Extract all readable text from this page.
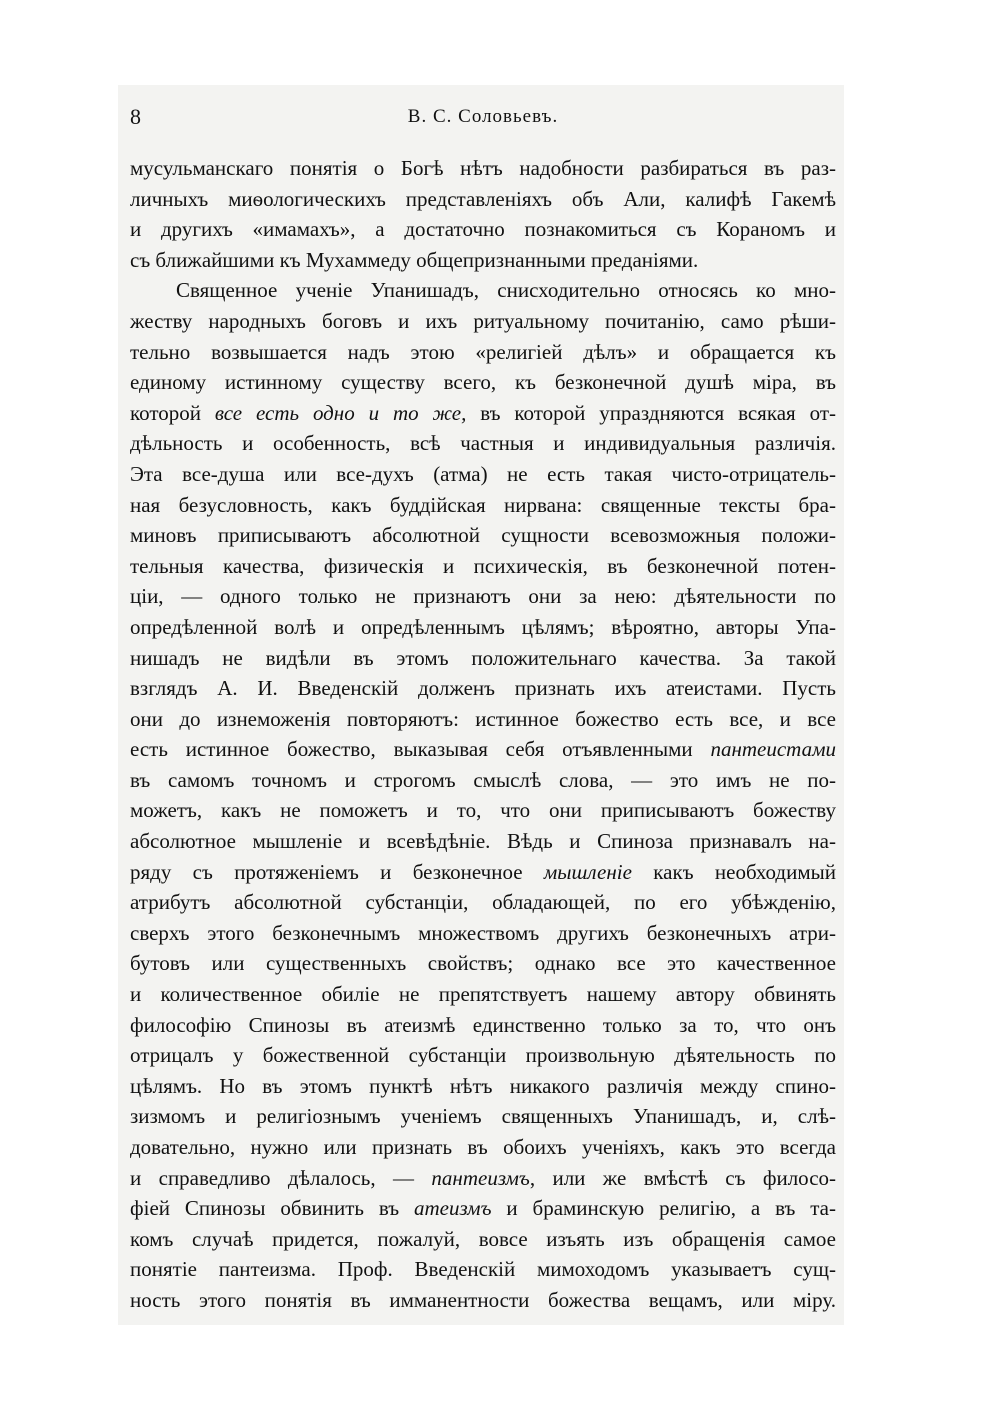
8	В. С. Соловьевъ.
мусульманскаго понятія о Богѣ нѣтъ надобности разбираться въ раз-
личныхъ миѳологическихъ представленіяхъ объ Али, калифѣ Гакемѣ
и другихъ «имамахъ», а достаточно познакомиться съ Кораномъ и
съ ближайшими къ Мухаммеду общепризнанными преданіями.
Священное ученіе Упанишадъ, снисходительно относясь ко мно-
жеству народныхъ боговъ и ихъ ритуальному почитанію, само рѣши-
тельно возвышается надъ этою «религіей дѣлъ» и обращается къ
единому истинному существу всего, къ безконечной душѣ міра, въ
которой все есть одно и то же, въ которой упраздняются всякая от-
дѣльность и особенность, всѣ частныя и индивидуальныя различія.
Эта все-душа или все-духъ (атма) не есть такая чисто-отрицатель-
ная безусловность, какъ буддійская нирвана: священные тексты бра-
миновъ приписываютъ абсолютной сущности всевозможныя положи-
тельныя качества, физическія и психическія, въ безконечной потен-
ціи, — одного только не признаютъ они за нею: дѣятельности по
опредѣленной волѣ и опредѣленнымъ цѣлямъ; вѣроятно, авторы Упа-
нишадъ не видѣли въ этомъ положительнаго качества. За такой
взглядъ А. И. Введенскій долженъ признать ихъ атеистами. Пусть
они до изнеможенія повторяютъ: истинное божество есть все, и все
есть истинное божество, выказывая себя отъявленными пантеистами
въ самомъ точномъ и строгомъ смыслѣ слова, — это имъ не по-
можетъ, какъ не поможетъ и то, что они приписываютъ божеству
абсолютное мышленіе и всевѣдѣніе. Вѣдь и Спиноза признавалъ на-
ряду съ протяженіемъ и безконечное мышленіе какъ необходимый
атрибутъ абсолютной субстанціи, обладающей, по его убѣжденію,
сверхъ этого безконечнымъ множествомъ другихъ безконечныхъ атри-
бутовъ или существенныхъ свойствъ; однако все это качественное
и количественное обиліе не препятствуетъ нашему автору обвинять
философію Спинозы въ атеизмѣ единственно только за то, что онъ
отрицалъ у божественной субстанціи произвольную дѣятельность по
цѣлямъ. Но въ этомъ пунктѣ нѣтъ никакого различія между спино-
зизмомъ и религіознымъ ученіемъ священныхъ Упанишадъ, и, слѣ-
довательно, нужно или признать въ обоихъ ученіяхъ, какъ это всегда
и справедливо дѣлалось, — пантеизмъ, или же вмѣстѣ съ филосо-
фіей Спинозы обвинить въ атеизмъ и браминскую религію, а въ та-
комъ случаѣ придется, пожалуй, вовсе изъять изъ обращенія самое
понятіе пантеизма. Проф. Введенскій мимоходомъ указываетъ сущ-
ность этого понятія въ имманентности божества вещамъ, или міру.
